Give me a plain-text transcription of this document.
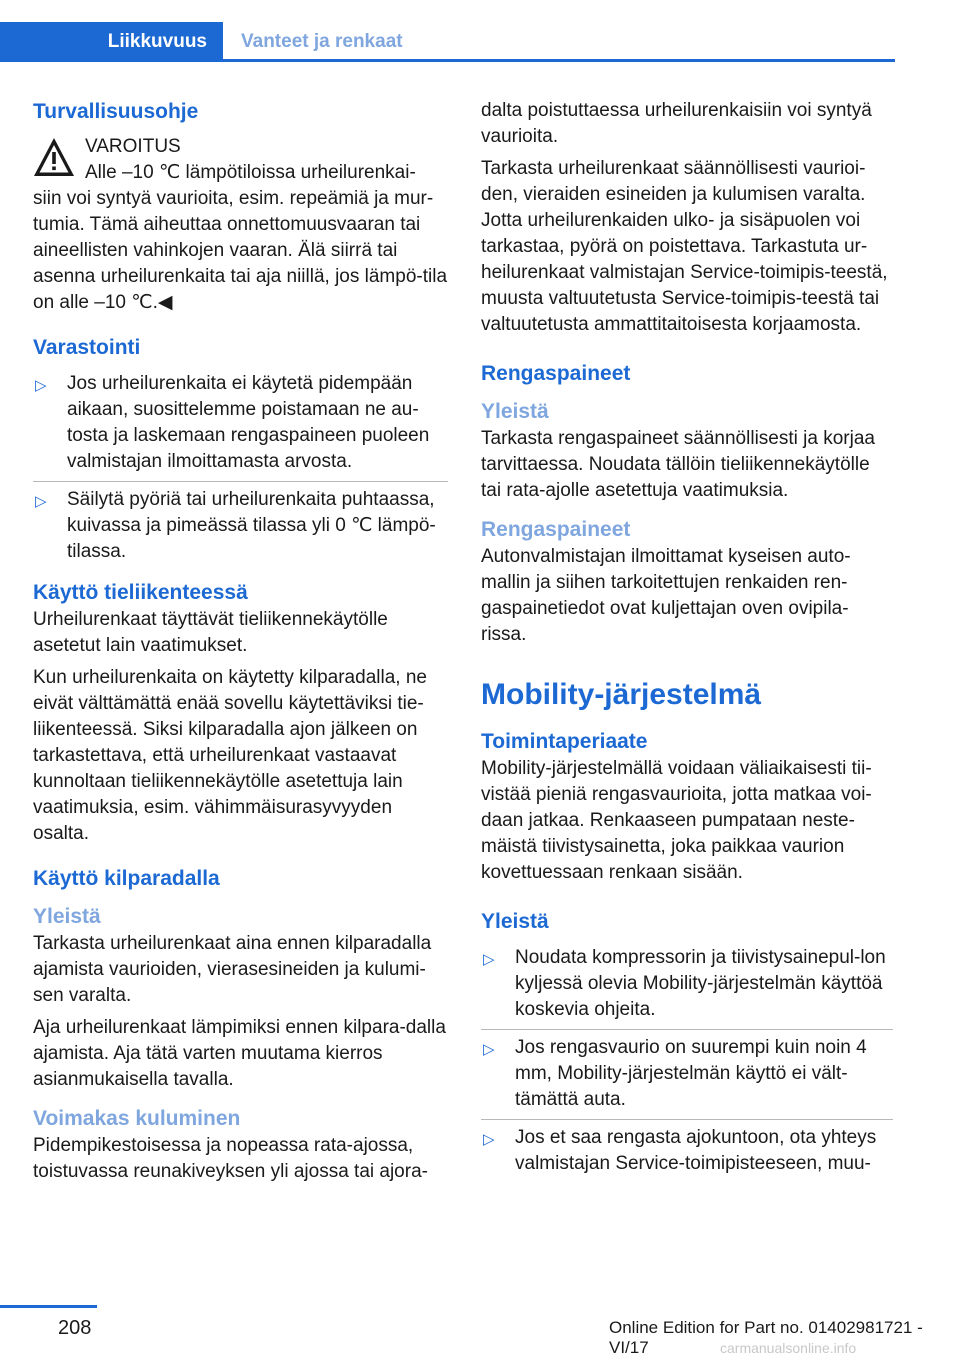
Liikkuvuus	Vanteet ja renkaat
Turvallisuusohje

VAROITUS

Alle –10 ℃ lämpötiloissa urheilurenkai-

siin voi syntyä vaurioita, esim. repeämiä ja mur-tumia. Tämä aiheuttaa onnettomuusvaaran tai aineellisten vahinkojen vaaran. Älä siirrä tai asenna urheilurenkaita tai aja niillä, jos lämpö-tila on alle –10 ℃.◀

Varastointi
▷ Jos urheilurenkaita ei käytetä pidempään aikaan, suosittelemme poistamaan ne au-tosta ja laskemaan rengaspaineen puoleen valmistajan ilmoittamasta arvosta.
▷ Säilytä pyöriä tai urheilurenkaita puhtaassa, kuivassa ja pimeässä tilassa yli 0 ℃ lämpö-tilassa.
Käyttö tieliikenteessä

Urheilurenkaat täyttävät tieliikennekäytölle asetetut lain vaatimukset.

Kun urheilurenkaita on käytetty kilparadalla, ne eivät välttämättä enää sovellu käytettäviksi tie-liikenteessä. Siksi kilparadalla ajon jälkeen on tarkastettava, että urheilurenkaat vastaavat kunnoltaan tieliikennekäytölle asetettuja lain vaatimuksia, esim. vähimmäisurasyvyyden osalta.

Käyttö kilparadalla
Yleistä

Tarkasta urheilurenkaat aina ennen kilparadalla ajamista vaurioiden, vierasesineiden ja kulumi-sen varalta.

Aja urheilurenkaat lämpimiksi ennen kilpara-dalla ajamista. Aja tätä varten muutama kierros asianmukaisella tavalla.

Voimakas kuluminen

Pidempikestoisessa ja nopeassa rata-ajossa, toistuvassa reunakiveyksen yli ajossa tai ajora-

dalta poistuttaessa urheilurenkaisiin voi syntyä vaurioita.

Tarkasta urheilurenkaat säännöllisesti vaurioi-den, vieraiden esineiden ja kulumisen varalta. Jotta urheilurenkaiden ulko- ja sisäpuolen voi tarkastaa, pyörä on poistettava. Tarkastuta ur-heilurenkaat valmistajan Service-toimipis-teestä, muusta valtuutetusta Service-toimipis-teestä tai valtuutetusta ammattitaitoisesta korjaamosta.

Rengaspaineet
Yleistä

Tarkasta rengaspaineet säännöllisesti ja korjaa tarvittaessa. Noudata tällöin tieliikennekäytölle tai rata-ajolle asetettuja vaatimuksia.

Rengaspaineet

Autonvalmistajan ilmoittamat kyseisen auto-mallin ja siihen tarkoitettujen renkaiden ren-gaspainetiedot ovat kuljettajan oven ovipila-rissa.

Mobility-järjestelmä
Toimintaperiaate

Mobility-järjestelmällä voidaan väliaikaisesti tii-vistää pieniä rengasvaurioita, jotta matkaa voi-daan jatkaa. Renkaaseen pumpataan neste-mäistä tiivistysainetta, joka paikkaa vaurion kovettuessaan renkaan sisään.

Yleistä
▷ Noudata kompressorin ja tiivistysainepul-lon kyljessä olevia Mobility-järjestelmän käyttöä koskevia ohjeita.
▷ Jos rengasvaurio on suurempi kuin noin 4 mm, Mobility-järjestelmän käyttö ei vält-tämättä auta.
▷ Jos et saa rengasta ajokuntoon, ota yhteys valmistajan Service-toimipisteeseen, muu-
208	Online Edition for Part no. 01402981721 - VI/17	carmanualsonline.info
